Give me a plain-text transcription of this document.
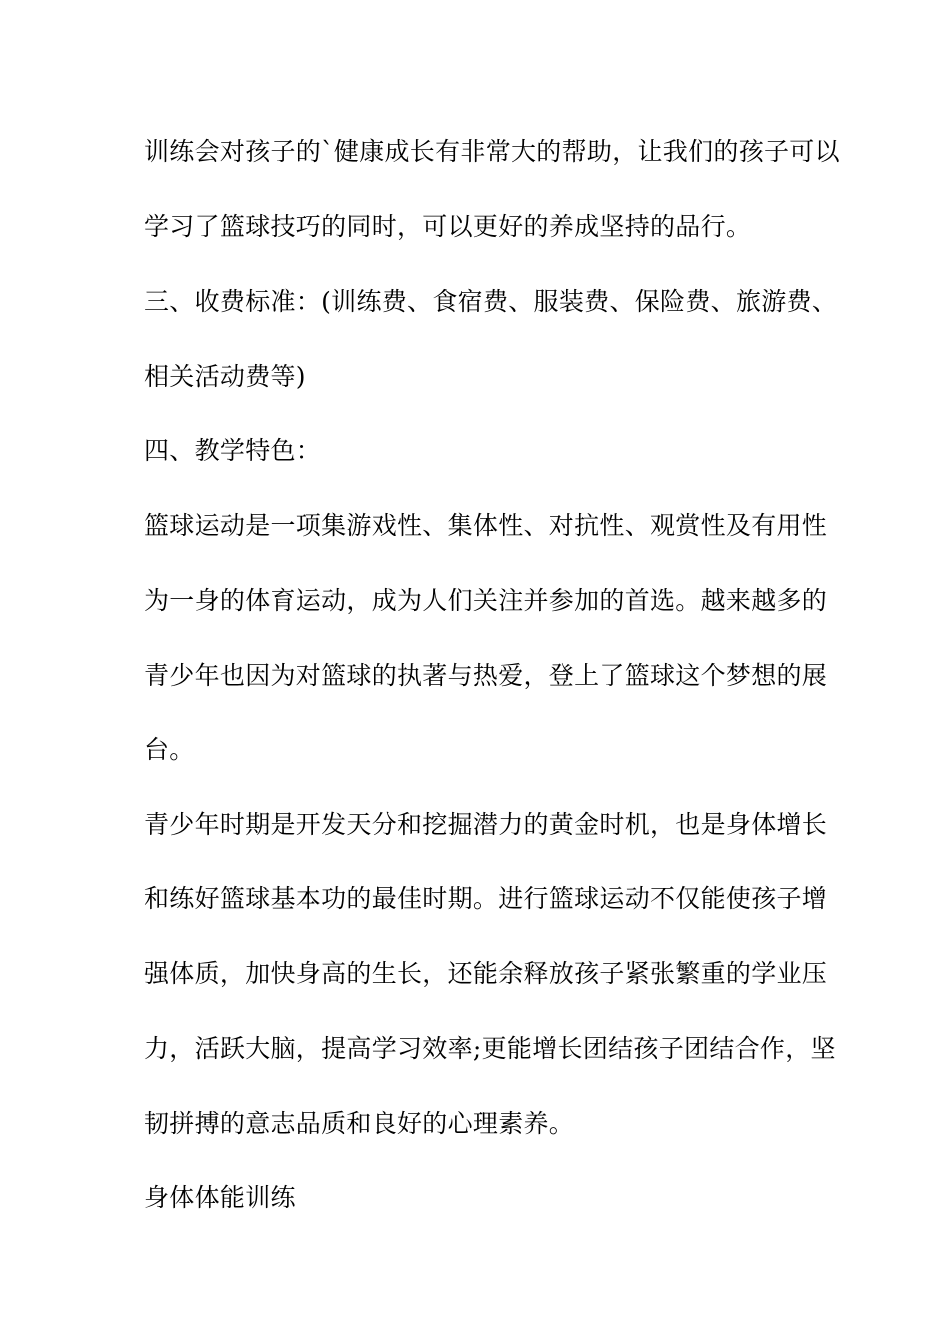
训练会对孩子的`健康成长有非常大的帮助，让我们的孩子可以
学习了篮球技巧的同时，可以更好的养成坚持的品行。
三、收费标准：(训练费、食宿费、服装费、保险费、旅游费、
相关活动费等)
四、教学特色：
篮球运动是一项集游戏性、集体性、对抗性、观赏性及有用性
为一身的体育运动，成为人们关注并参加的首选。越来越多的
青少年也因为对篮球的执著与热爱，登上了篮球这个梦想的展
台。
青少年时期是开发天分和挖掘潜力的黄金时机，也是身体增长
和练好篮球基本功的最佳时期。进行篮球运动不仅能使孩子增
强体质，加快身高的生长，还能余释放孩子紧张繁重的学业压
力，活跃大脑，提高学习效率;更能增长团结孩子团结合作，坚
韧拼搏的意志品质和良好的心理素养。
身体体能训练
